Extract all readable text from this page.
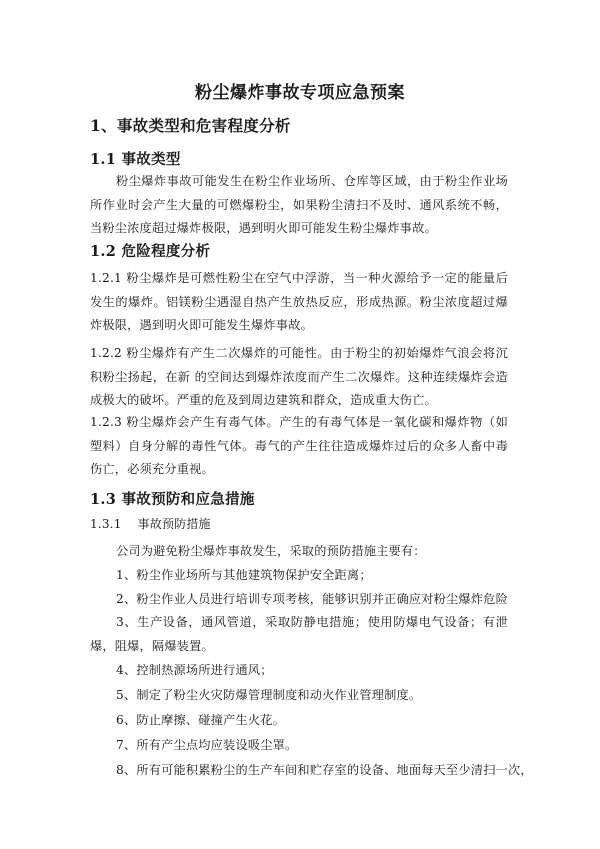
粉尘爆炸事故专项应急预案
1、事故类型和危害程度分析
1.1 事故类型
粉尘爆炸事故可能发生在粉尘作业场所、仓库等区域，由于粉尘作业场所作业时会产生大量的可燃爆粉尘，如果粉尘清扫不及时、通风系统不畅，当粉尘浓度超过爆炸极限，遇到明火即可能发生粉尘爆炸事故。
1.2 危险程度分析
1.2.1 粉尘爆炸是可燃性粉尘在空气中浮游，当一种火源给予一定的能量后发生的爆炸。铝镁粉尘遇湿自热产生放热反应，形成热源。粉尘浓度超过爆炸极限，遇到明火即可能发生爆炸事故。
1.2.2 粉尘爆炸有产生二次爆炸的可能性。由于粉尘的初始爆炸气浪会将沉积粉尘扬起，在新 的空间达到爆炸浓度而产生二次爆炸。这种连续爆炸会造成极大的破坏。严重的危及到周边建筑和群众，造成重大伤亡。
1.2.3 粉尘爆炸会产生有毒气体。产生的有毒气体是一氧化碳和爆炸物（如塑料）自身分解的毒性气体。毒气的产生往往造成爆炸过后的众多人畜中毒伤亡，必须充分重视。
1.3 事故预防和应急措施
1.3.1 事故预防措施
公司为避免粉尘爆炸事故发生，采取的预防措施主要有：
1、粉尘作业场所与其他建筑物保护安全距离；
2、粉尘作业人员进行培训专项考核，能够识别并正确应对粉尘爆炸危险
3、生产设备，通风管道，采取防静电措施；使用防爆电气设备；有泄爆，阻爆，隔爆装置。
4、控制热源场所进行通风；
5、制定了粉尘火灾防爆管理制度和动火作业管理制度。
6、防止摩擦、碰撞产生火花。
7、所有产尘点均应装设吸尘罩。
8、所有可能积累粉尘的生产车间和贮存室的设备、地面每天至少清扫一次，
